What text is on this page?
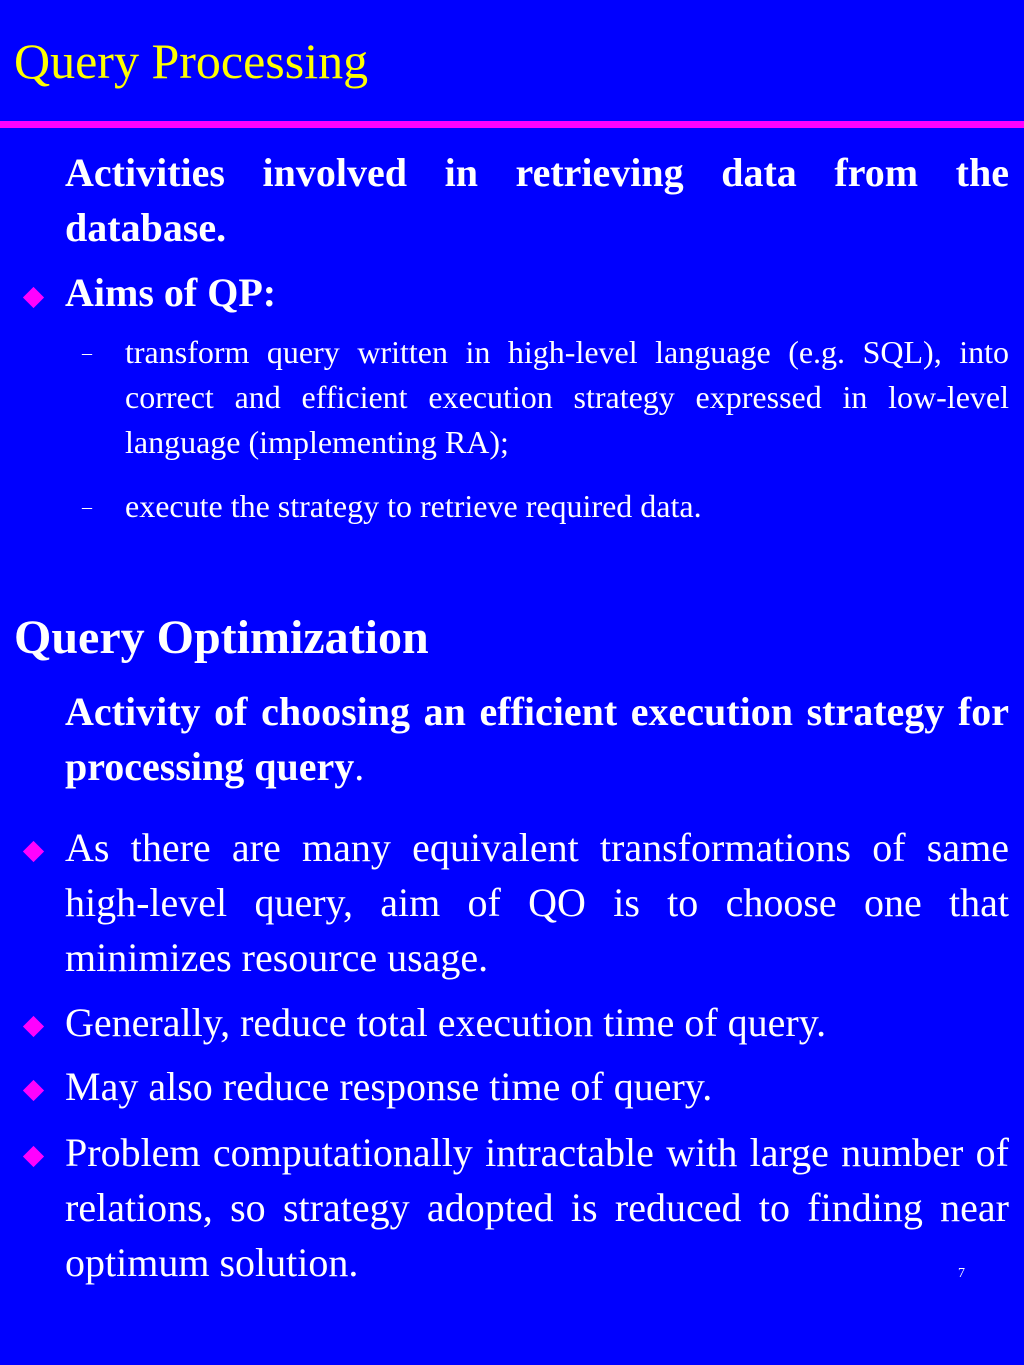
Query Processing
Activities involved in retrieving data from the database.
Aims of QP:
– transform query written in high-level language (e.g. SQL), into correct and efficient execution strategy expressed in low-level language (implementing RA);
– execute the strategy to retrieve required data.
Query Optimization
Activity of choosing an efficient execution strategy for processing query.
As there are many equivalent transformations of same high-level query, aim of QO is to choose one that minimizes resource usage.
Generally, reduce total execution time of query.
May also reduce response time of query.
Problem computationally intractable with large number of relations, so strategy adopted is reduced to finding near optimum solution.	7
